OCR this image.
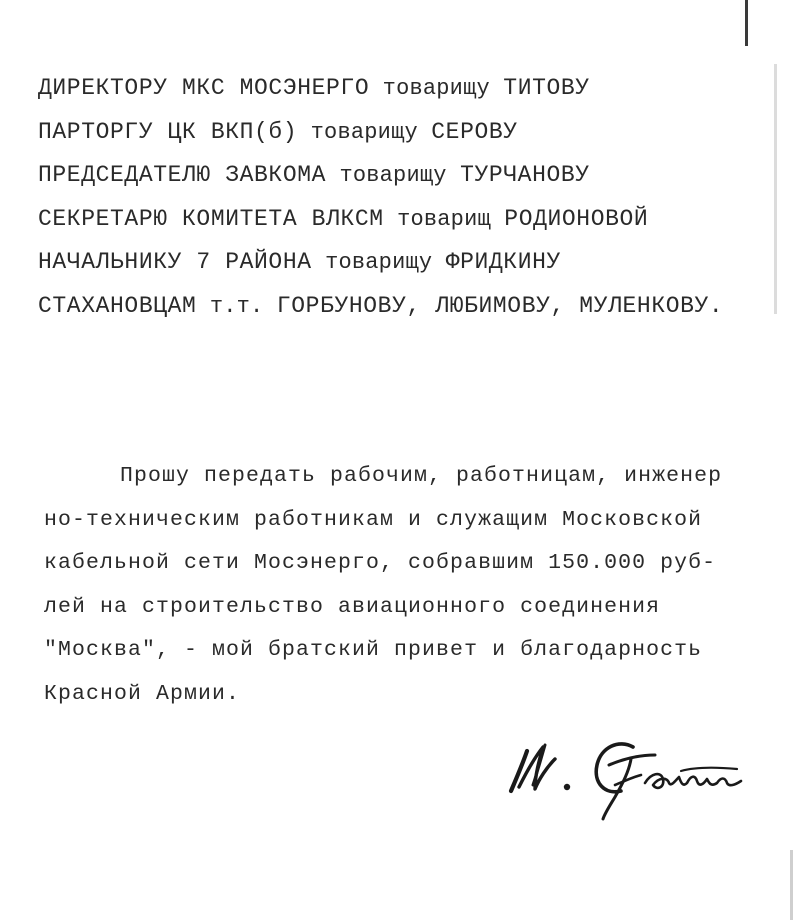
ДИРЕКТОРУ МКС МОСЭНЕРГО товарищу ТИТОВУ
ПАРТОРГУ ЦК ВКП(б) товарищу СЕРОВУ
ПРЕДСЕДАТЕЛЮ ЗАВКОМА товарищу ТУРЧАНОВУ
СЕКРЕТАРЮ КОМИТЕТА ВЛКСМ товарищ РОДИОНОВОЙ
НАЧАЛЬНИКУ 7 РАЙОНА товарищу ФРИДКИНУ
СТАХАНОВЦАМ т.т. ГОРБУНОВУ, ЛЮБИМОВУ, МУЛЕНКОВУ.
Прошу передать рабочим, работницам, инженер
но-техническим работникам и служащим Московской
кабельной сети Мосэнерго, собравшим 150.000 руб-
лей на строительство авиационного соединения
"Москва", - мой братский привет и благодарность
Красной Армии.
